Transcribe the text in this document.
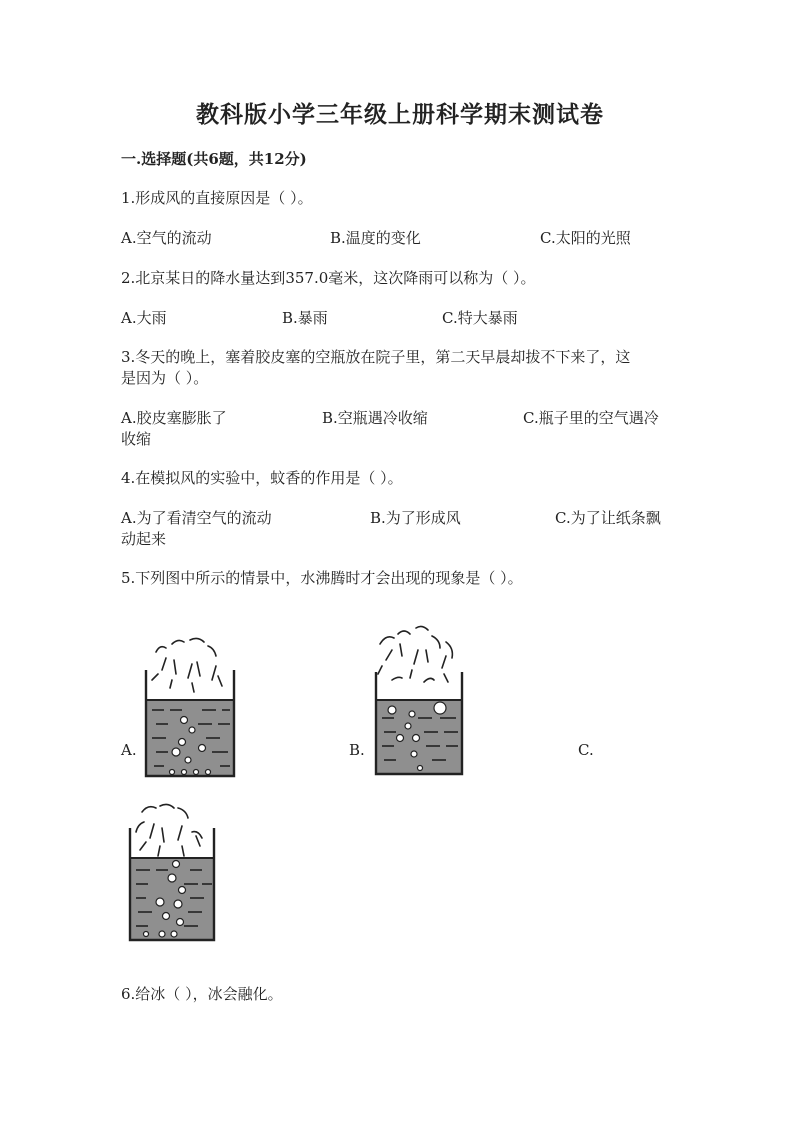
教科版小学三年级上册科学期末测试卷
一.选择题(共6题，共12分)
1.形成风的直接原因是（ ）。
A.空气的流动	B.温度的变化	C.太阳的光照
2.北京某日的降水量达到357.0毫米，这次降雨可以称为（ ）。
A.大雨	B.暴雨	C.特大暴雨
3.冬天的晚上，塞着胶皮塞的空瓶放在院子里，第二天早晨却拔不下来了，这
是因为（ ）。
A.胶皮塞膨胀了	B.空瓶遇冷收缩	C.瓶子里的空气遇冷
收缩
4.在模拟风的实验中，蚊香的作用是（ ）。
A.为了看清空气的流动	B.为了形成风	C.为了让纸条飘
动起来
5.下列图中所示的情景中，水沸腾时才会出现的现象是（ ）。
A.	B.	C.
6.给冰（ ），冰会融化。
